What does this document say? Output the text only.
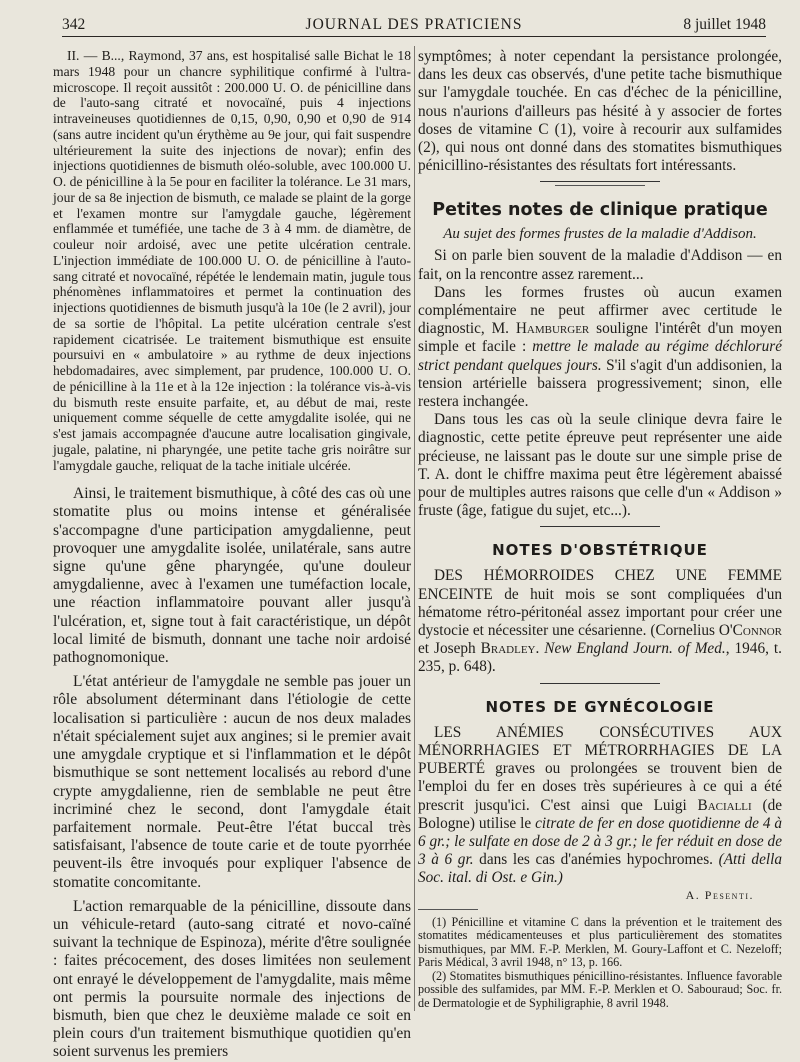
342	JOURNAL DES PRATICIENS	8 juillet 1948

II. — B..., Raymond, 37 ans, est hospitalisé salle Bichat le 18 mars 1948 pour un chancre syphilitique confirmé à l'ultra-microscope. Il reçoit aussitôt : 200.000 U. O. de pénicilline dans de l'auto-sang citraté et novocaïné, puis 4 injections intraveineuses quotidiennes de 0,15, 0,90, 0,90 et 0,90 de 914 (sans autre incident qu'un érythème au 9e jour, qui fait suspendre ultérieurement la suite des injections de novar); enfin des injections quotidiennes de bismuth oléo-soluble, avec 100.000 U. O. de pénicilline à la 5e pour en faciliter la tolérance. Le 31 mars, jour de sa 8e injection de bismuth, ce malade se plaint de la gorge et l'examen montre sur l'amygdale gauche, légèrement enflammée et tuméfiée, une tache de 3 à 4 mm. de diamètre, de couleur noir ardoisé, avec une petite ulcération centrale. L'injection immédiate de 100.000 U. O. de pénicilline à l'auto-sang citraté et novocaïné, répétée le lendemain matin, jugule tous phénomènes inflammatoires et permet la continuation des injections quotidiennes de bismuth jusqu'à la 10e (le 2 avril), jour de sa sortie de l'hôpital. La petite ulcération centrale s'est rapidement cicatrisée. Le traitement bismuthique est ensuite poursuivi en « ambulatoire » au rythme de deux injections hebdomadaires, avec simplement, par prudence, 100.000 U. O. de pénicilline à la 11e et à la 12e injection : la tolérance vis-à-vis du bismuth reste ensuite parfaite, et, au début de mai, reste uniquement comme séquelle de cette amygdalite isolée, qui ne s'est jamais accompagnée d'aucune autre localisation gingivale, jugale, palatine, ni pharyngée, une petite tache gris noirâtre sur l'amygdale gauche, reliquat de la tache initiale ulcérée.

Ainsi, le traitement bismuthique, à côté des cas où une stomatite plus ou moins intense et généralisée s'accompagne d'une participation amygdalienne, peut provoquer une amygdalite isolée, unilatérale, sans autre signe qu'une gêne pharyngée, qu'une douleur amygdalienne, avec à l'examen une tuméfaction locale, une réaction inflammatoire pouvant aller jusqu'à l'ulcération, et, signe tout à fait caractéristique, un dépôt local limité de bismuth, donnant une tache noir ardoisé pathognomonique.

L'état antérieur de l'amygdale ne semble pas jouer un rôle absolument déterminant dans l'étiologie de cette localisation si particulière : aucun de nos deux malades n'était spécialement sujet aux angines; si le premier avait une amygdale cryptique et si l'inflammation et le dépôt bismuthique se sont nettement localisés au rebord d'une crypte amygdalienne, rien de semblable ne peut être incriminé chez le second, dont l'amygdale était parfaitement normale. Peut-être l'état buccal très satisfaisant, l'absence de toute carie et de toute pyorrhée peuvent-ils être invoqués pour expliquer l'absence de stomatite concomitante.

L'action remarquable de la pénicilline, dissoute dans un véhicule-retard (auto-sang citraté et novo-caïné suivant la technique de Espinoza), mérite d'être soulignée : faites précocement, des doses limitées non seulement ont enrayé le développement de l'amygdalite, mais même ont permis la poursuite normale des injections de bismuth, bien que chez le deuxième malade ce soit en plein cours d'un traitement bismuthique quotidien qu'en soient survenus les premiers

symptômes; à noter cependant la persistance prolongée, dans les deux cas observés, d'une petite tache bismuthique sur l'amygdale touchée. En cas d'échec de la pénicilline, nous n'aurions d'ailleurs pas hésité à y associer de fortes doses de vitamine C (1), voire à recourir aux sulfamides (2), qui nous ont donné dans des stomatites bismuthiques pénicillino-résistantes des résultats fort intéressants.

Petites notes de clinique pratique
Au sujet des formes frustes de la maladie d'Addison.

Si on parle bien souvent de la maladie d'Addison — en fait, on la rencontre assez rarement...

Dans les formes frustes où aucun examen complémentaire ne peut affirmer avec certitude le diagnostic, M. Hamburger souligne l'intérêt d'un moyen simple et facile : mettre le malade au régime déchloruré strict pendant quelques jours. S'il s'agit d'un addisonien, la tension artérielle baissera progressivement; sinon, elle restera inchangée.

Dans tous les cas où la seule clinique devra faire le diagnostic, cette petite épreuve peut représenter une aide précieuse, ne laissant pas le doute sur une simple prise de T. A. dont le chiffre maxima peut être légèrement abaissé pour de multiples autres raisons que celle d'un « Addison » fruste (âge, fatigue du sujet, etc...).

NOTES D'OBSTÉTRIQUE

DES HÉMORROIDES CHEZ UNE FEMME ENCEINTE de huit mois se sont compliquées d'un hématome rétro-péritonéal assez important pour créer une dystocie et nécessiter une césarienne. (Cornelius O'Connor et Joseph Bradley. New England Journ. of Med., 1946, t. 235, p. 648).

NOTES DE GYNÉCOLOGIE

LES ANÉMIES CONSÉCUTIVES AUX MÉNORRHAGIES ET MÉTRORRHAGIES DE LA PUBERTÉ graves ou prolongées se trouvent bien de l'emploi du fer en doses très supérieures à ce qui a été prescrit jusqu'ici. C'est ainsi que Luigi Bacialli (de Bologne) utilise le citrate de fer en dose quotidienne de 4 à 6 gr.; le sulfate en dose de 2 à 3 gr.; le fer réduit en dose de 3 à 6 gr. dans les cas d'anémies hypochromes. (Atti della Soc. ital. di Ost. e Gin.)

A. Pesenti.

(1) Pénicilline et vitamine C dans la prévention et le traitement des stomatites médicamenteuses et plus particulièrement des stomatites bismuthiques, par MM. F.-P. Merklen, M. Goury-Laffont et C. Nezeloff; Paris Médical, 3 avril 1948, n° 13, p. 166.

(2) Stomatites bismuthiques pénicillino-résistantes. Influence favorable possible des sulfamides, par MM. F.-P. Merklen et O. Sabouraud; Soc. fr. de Dermatologie et de Syphiligraphie, 8 avril 1948.
